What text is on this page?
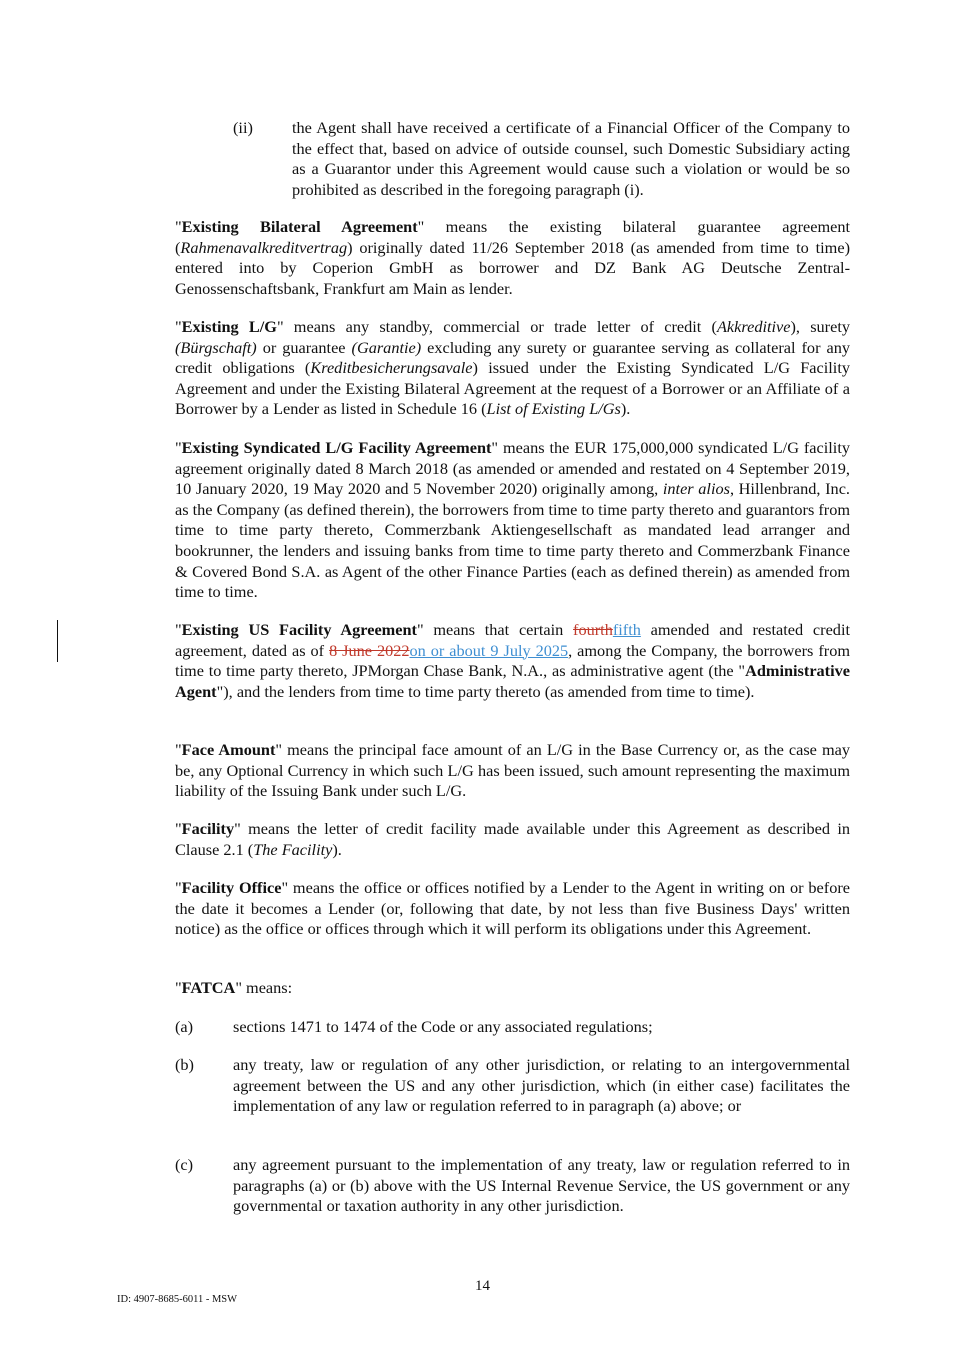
(ii) the Agent shall have received a certificate of a Financial Officer of the Company to the effect that, based on advice of outside counsel, such Domestic Subsidiary acting as a Guarantor under this Agreement would cause such a violation or would be so prohibited as described in the foregoing paragraph (i).

"Existing Bilateral Agreement" means the existing bilateral guarantee agreement (Rahmenavalkreditvertrag) originally dated 11/26 September 2018 (as amended from time to time) entered into by Coperion GmbH as borrower and DZ Bank AG Deutsche Zentral-Genossenschaftsbank, Frankfurt am Main as lender.

"Existing L/G" means any standby, commercial or trade letter of credit (Akkreditive), surety (Bürgschaft) or guarantee (Garantie) excluding any surety or guarantee serving as collateral for any credit obligations (Kreditbesicherungsavale) issued under the Existing Syndicated L/G Facility Agreement and under the Existing Bilateral Agreement at the request of a Borrower or an Affiliate of a Borrower by a Lender as listed in Schedule 16 (List of Existing L/Gs).

"Existing Syndicated L/G Facility Agreement" means the EUR 175,000,000 syndicated L/G facility agreement originally dated 8 March 2018 (as amended or amended and restated on 4 September 2019, 10 January 2020, 19 May 2020 and 5 November 2020) originally among, inter alios, Hillenbrand, Inc. as the Company (as defined therein), the borrowers from time to time party thereto and guarantors from time to time party thereto, Commerzbank Aktiengesellschaft as mandated lead arranger and bookrunner, the lenders and issuing banks from time to time party thereto and Commerzbank Finance & Covered Bond S.A. as Agent of the other Finance Parties (each as defined therein) as amended from time to time.

"Existing US Facility Agreement" means that certain fourthfifth amended and restated credit agreement, dated as of 8 June 2022on or about 9 July 2025, among the Company, the borrowers from time to time party thereto, JPMorgan Chase Bank, N.A., as administrative agent (the "Administrative Agent"), and the lenders from time to time party thereto (as amended from time to time).

"Face Amount" means the principal face amount of an L/G in the Base Currency or, as the case may be, any Optional Currency in which such L/G has been issued, such amount representing the maximum liability of the Issuing Bank under such L/G.

"Facility" means the letter of credit facility made available under this Agreement as described in Clause 2.1 (The Facility).

"Facility Office" means the office or offices notified by a Lender to the Agent in writing on or before the date it becomes a Lender (or, following that date, by not less than five Business Days' written notice) as the office or offices through which it will perform its obligations under this Agreement.

"FATCA" means:

(a) sections 1471 to 1474 of the Code or any associated regulations;
(b) any treaty, law or regulation of any other jurisdiction, or relating to an intergovernmental agreement between the US and any other jurisdiction, which (in either case) facilitates the implementation of any law or regulation referred to in paragraph (a) above; or
(c) any agreement pursuant to the implementation of any treaty, law or regulation referred to in paragraphs (a) or (b) above with the US Internal Revenue Service, the US government or any governmental or taxation authority in any other jurisdiction.
14
ID: 4907-8685-6011 - MSW
